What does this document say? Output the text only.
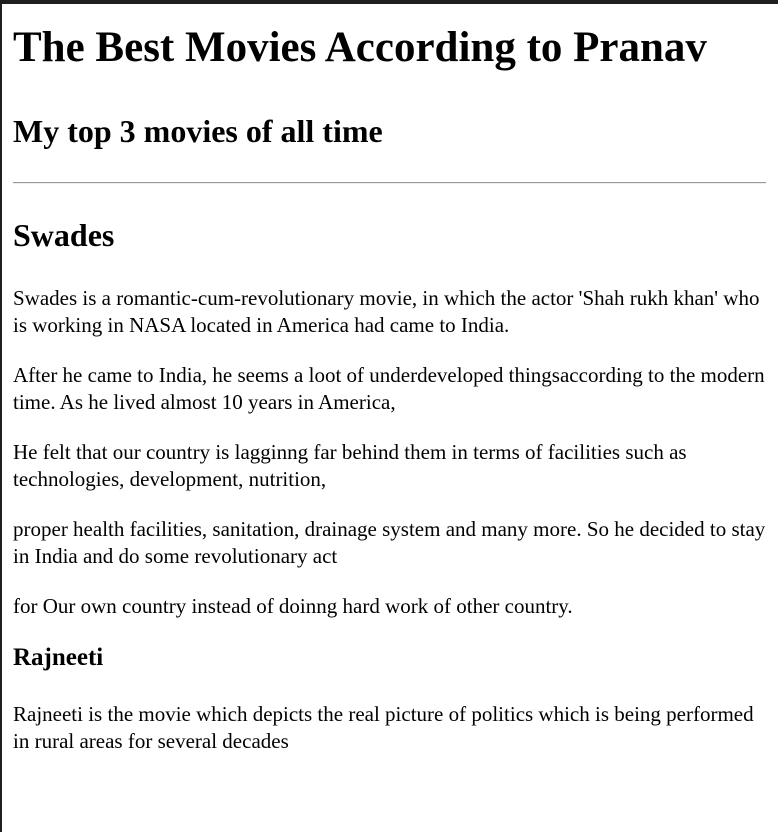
The Best Movies According to Pranav
My top 3 movies of all time
Swades

Swades is a romantic-cum-revolutionary movie, in which the actor 'Shah rukh khan' who is working in NASA located in America had came to India.

After he came to India, he seems a loot of underdeveloped thingsaccording to the modern time. As he lived almost 10 years in America,

He felt that our country is lagginng far behind them in terms of facilities such as technologies, development, nutrition,

proper health facilities, sanitation, drainage system and many more. So he decided to stay in India and do some revolutionary act

for Our own country instead of doinng hard work of other country.

Rajneeti

Rajneeti is the movie which depicts the real picture of politics which is being performed in rural areas for several decades
